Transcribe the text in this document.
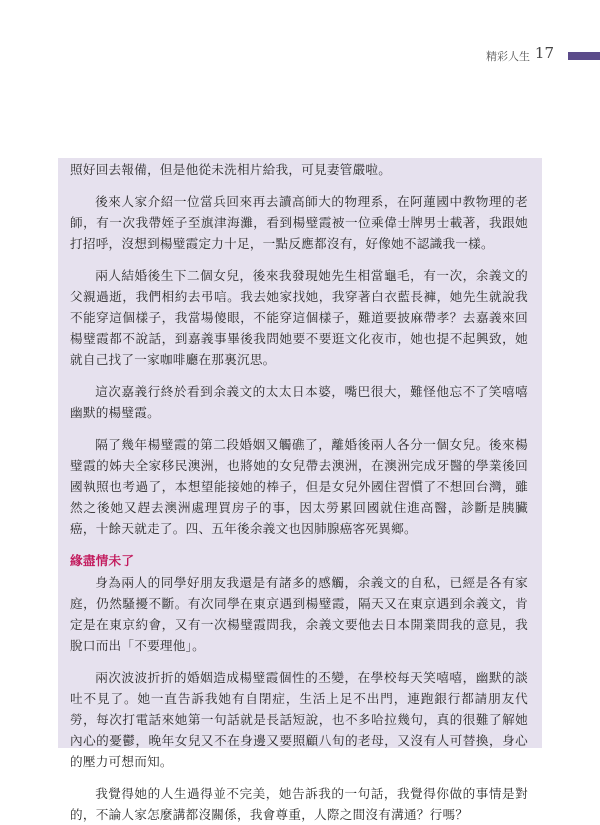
精彩人生 17

照好回去報備，但是他從未洗相片給我，可見妻管嚴啦。

後來人家介紹一位當兵回來再去讀高師大的物理系，在阿蓮國中教物理的老師，有一次我帶姪子至旗津海灘，看到楊璧霞被一位乘偉士牌男士載著，我跟她打招呼，沒想到楊璧霞定力十足，一點反應都沒有，好像她不認識我一樣。

兩人結婚後生下二個女兒，後來我發現她先生相當龜毛，有一次，余義文的父親過逝，我們相約去弔唁。我去她家找她，我穿著白衣藍長褲，她先生就說我不能穿這個樣子，我當場傻眼，不能穿這個樣子，難道要披麻帶孝？去嘉義來回楊璧霞都不說話，到嘉義事畢後我問她要不要逛文化夜市，她也提不起興致，她就自己找了一家咖啡廳在那裏沉思。

這次嘉義行終於看到余義文的太太日本婆，嘴巴很大，難怪他忘不了笑嘻嘻幽默的楊璧霞。

隔了幾年楊璧霞的第二段婚姻又觸礁了，離婚後兩人各分一個女兒。後來楊璧霞的姊夫全家移民澳洲，也將她的女兒帶去澳洲，在澳洲完成牙醫的學業後回國執照也考過了，本想望能接她的棒子，但是女兒外國住習慣了不想回台灣，雖然之後她又趕去澳洲處理買房子的事，因太勞累回國就住進高醫，診斷是胰臟癌，十餘天就走了。四、五年後余義文也因肺腺癌客死異鄉。

緣盡情未了

身為兩人的同學好朋友我還是有諸多的感觸，余義文的自私，已經是各有家庭，仍然騷擾不斷。有次同學在東京遇到楊璧霞，隔天又在東京遇到余義文，肯定是在東京約會，又有一次楊璧霞問我，余義文要他去日本開業問我的意見，我脫口而出「不要理他」。

兩次波波折折的婚姻造成楊璧霞個性的丕變，在學校每天笑嘻嘻，幽默的談吐不見了。她一直告訴我她有自閉症，生活上足不出門，連跑銀行都請朋友代勞，每次打電話來她第一句話就是長話短說，也不多哈拉幾句，真的很難了解她內心的憂鬱，晚年女兒又不在身邊又要照顧八旬的老母，又沒有人可替換，身心的壓力可想而知。

我覺得她的人生過得並不完美，她告訴我的一句話，我覺得你做的事情是對的，不論人家怎麼講都沒關係，我會尊重，人際之間沒有溝通？行嗎？
